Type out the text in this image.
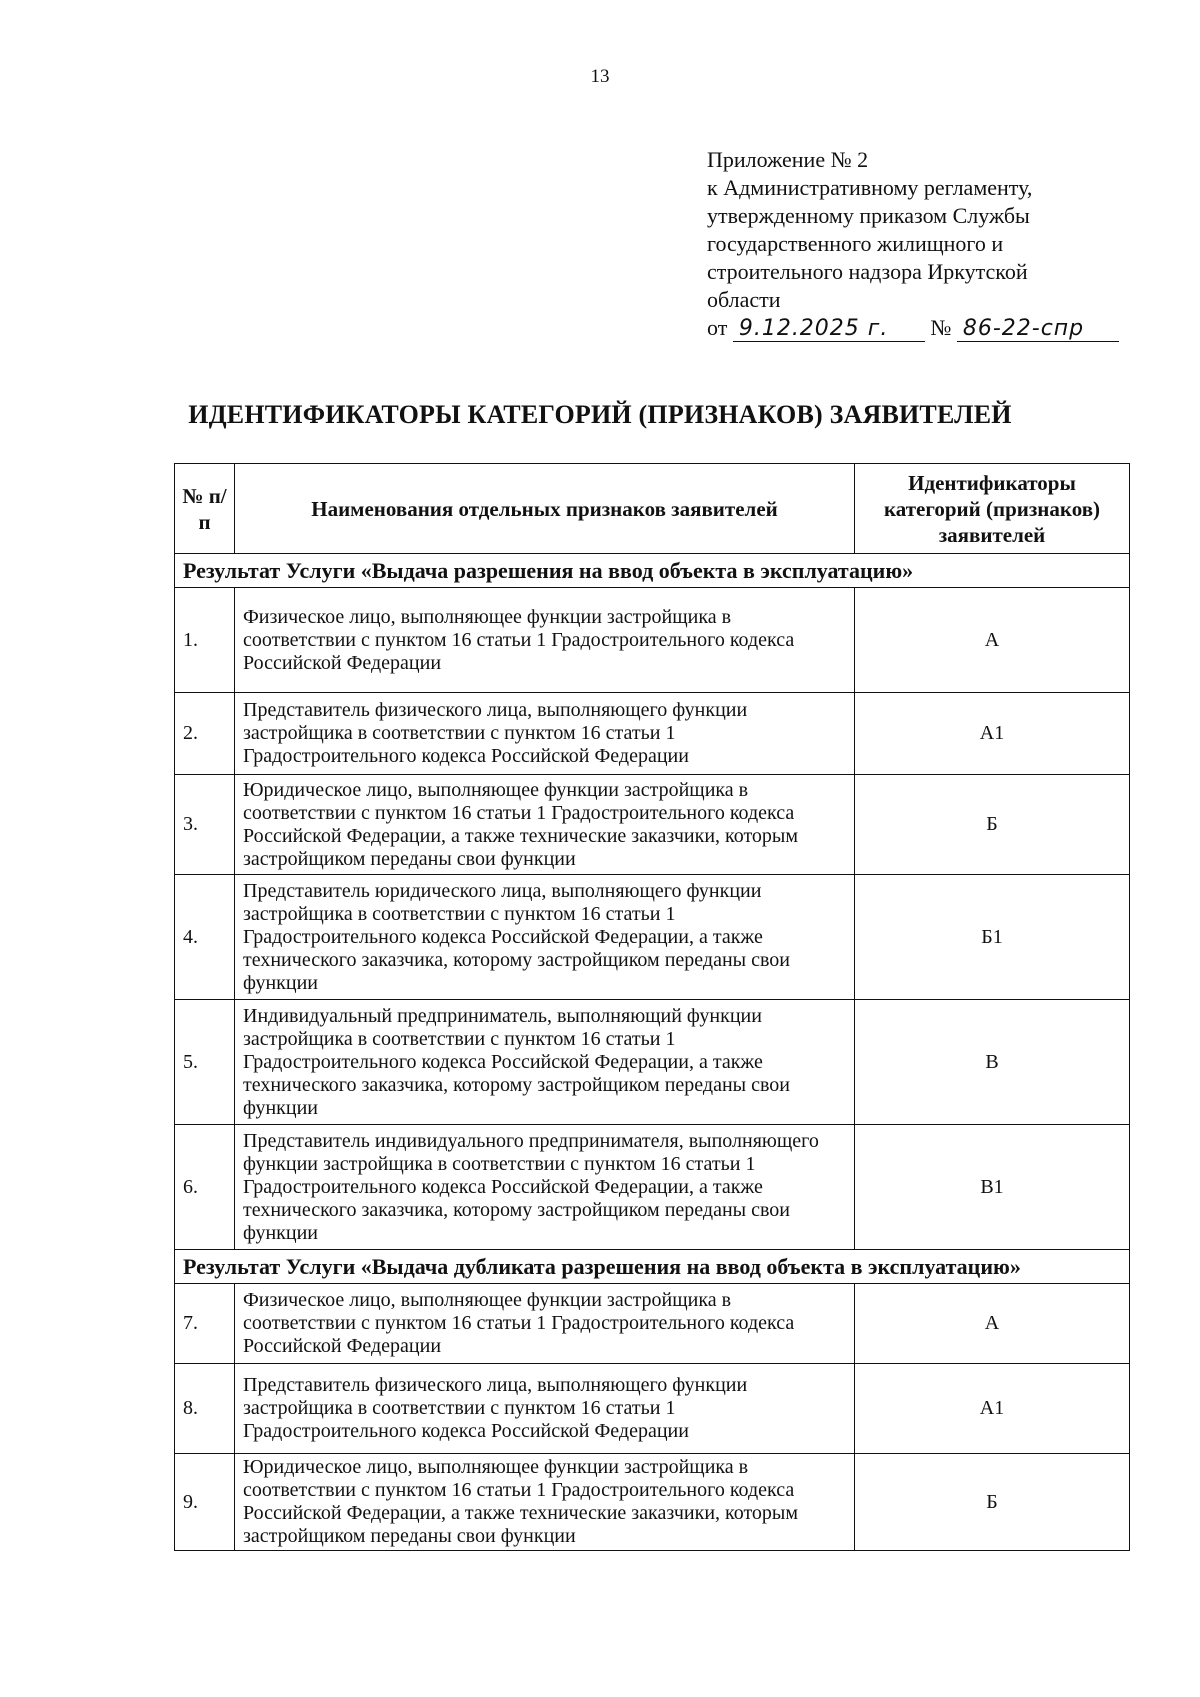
13
Приложение № 2
к Административному регламенту,
утвержденному приказом Службы
государственного жилищного и
строительного надзора Иркутской
области
от 9.12.2025 г. № 86-22-спр
ИДЕНТИФИКАТОРЫ КАТЕГОРИЙ (ПРИЗНАКОВ) ЗАЯВИТЕЛЕЙ
№ п/п	Наименования отдельных признаков заявителей	Идентификаторы категорий (признаков) заявителей
Результат Услуги «Выдача разрешения на ввод объекта в эксплуатацию»		
1.	Физическое лицо, выполняющее функции застройщика в соответствии с пунктом 16 статьи 1 Градостроительного кодекса Российской Федерации	А
2.	Представитель физического лица, выполняющего функции застройщика в соответствии с пунктом 16 статьи 1 Градостроительного кодекса Российской Федерации	А1
3.	Юридическое лицо, выполняющее функции застройщика в соответствии с пунктом 16 статьи 1 Градостроительного кодекса Российской Федерации, а также технические заказчики, которым застройщиком переданы свои функции	Б
4.	Представитель юридического лица, выполняющего функции застройщика в соответствии с пунктом 16 статьи 1 Градостроительного кодекса Российской Федерации, а также технического заказчика, которому застройщиком переданы свои функции	Б1
5.	Индивидуальный предприниматель, выполняющий функции застройщика в соответствии с пунктом 16 статьи 1 Градостроительного кодекса Российской Федерации, а также технического заказчика, которому застройщиком переданы свои функции	В
6.	Представитель индивидуального предпринимателя, выполняющего функции застройщика в соответствии с пунктом 16 статьи 1 Градостроительного кодекса Российской Федерации, а также технического заказчика, которому застройщиком переданы свои функции	В1
Результат Услуги «Выдача дубликата разрешения на ввод объекта в эксплуатацию»		
7.	Физическое лицо, выполняющее функции застройщика в соответствии с пунктом 16 статьи 1 Градостроительного кодекса Российской Федерации	А
8.	Представитель физического лица, выполняющего функции застройщика в соответствии с пунктом 16 статьи 1 Градостроительного кодекса Российской Федерации	А1
9.	Юридическое лицо, выполняющее функции застройщика в соответствии с пунктом 16 статьи 1 Градостроительного кодекса Российской Федерации, а также технические заказчики, которым застройщиком переданы свои функции	Б
